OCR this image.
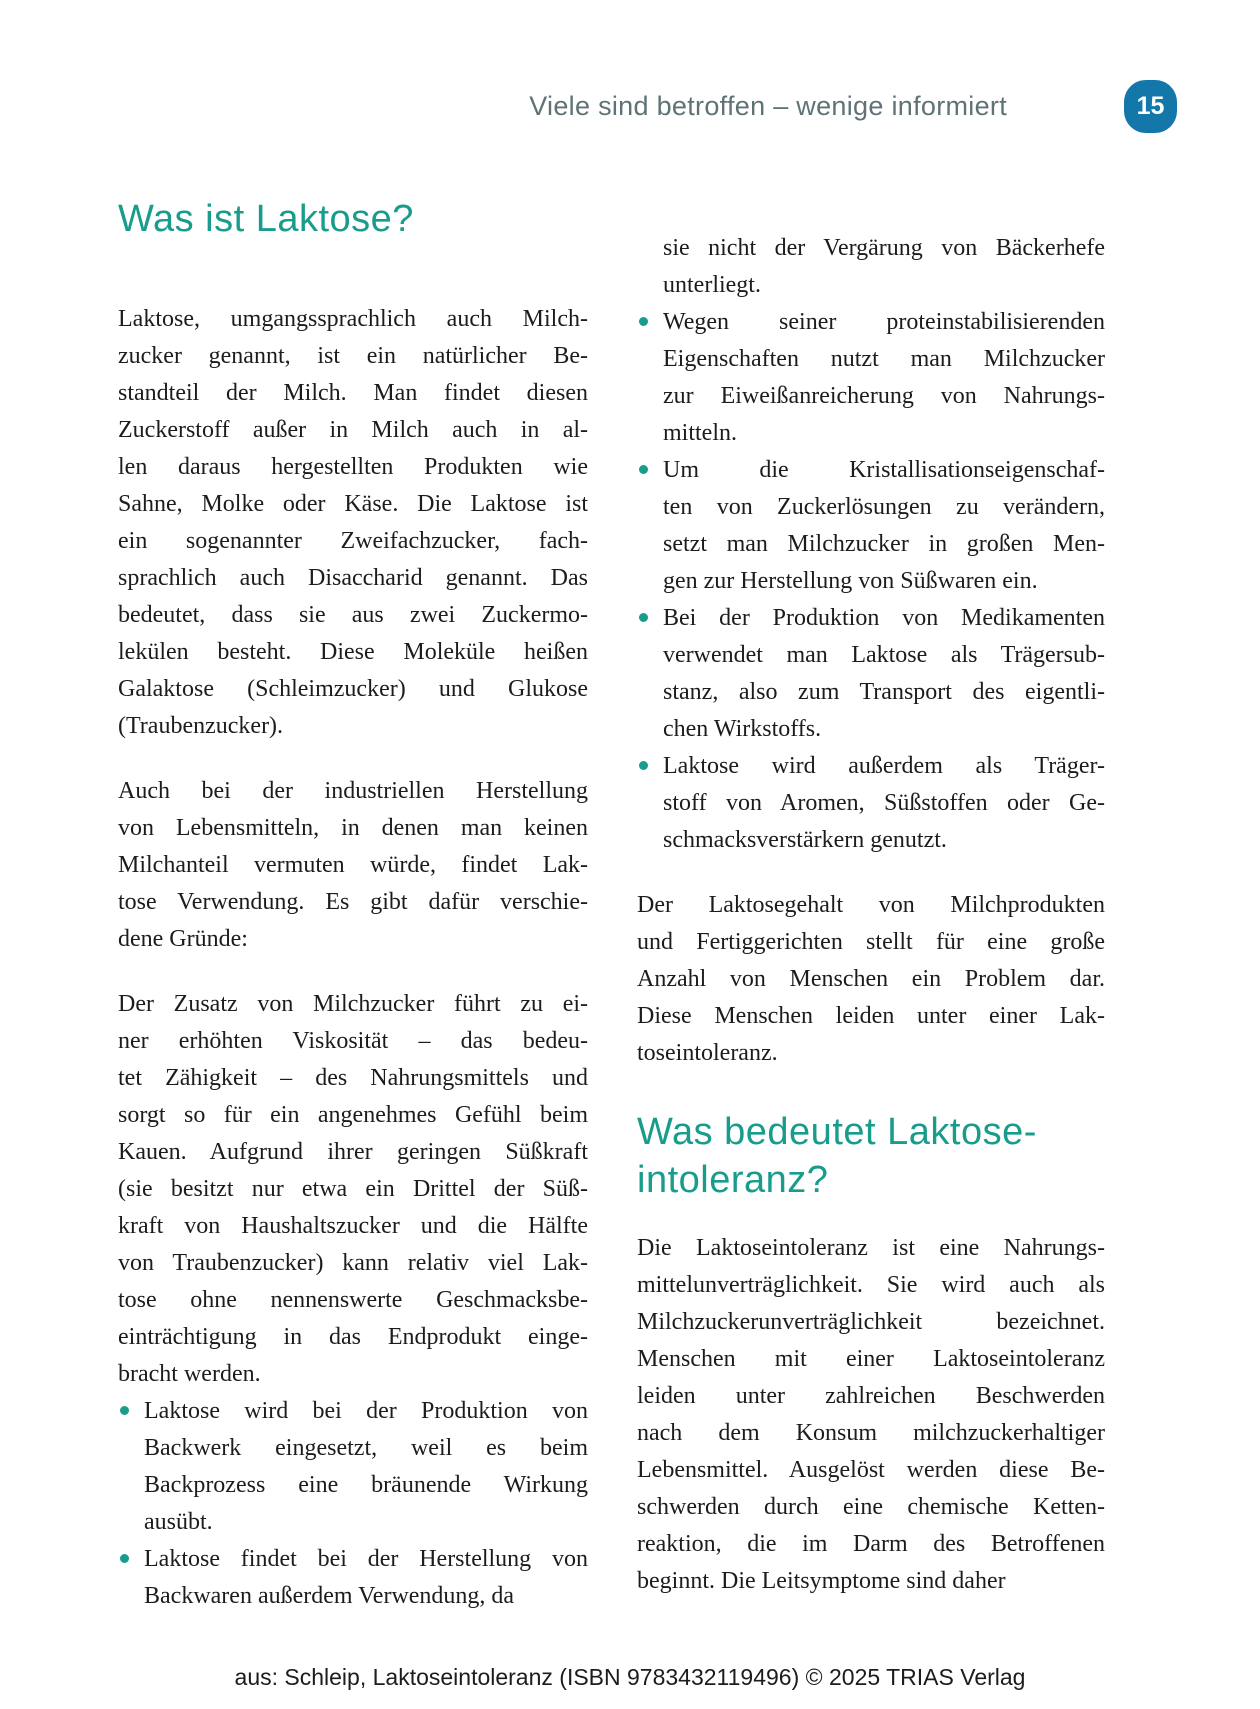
Viele sind betroffen – wenige informiert	15
Was ist Laktose?
Laktose, umgangssprachlich auch Milch-
zucker genannt, ist ein natürlicher Be-
standteil der Milch. Man findet diesen
Zuckerstoff außer in Milch auch in al-
len daraus hergestellten Produkten wie
Sahne, Molke oder Käse. Die Laktose ist
ein sogenannter Zweifachzucker, fach-
sprachlich auch Disaccharid genannt. Das
bedeutet, dass sie aus zwei Zuckermo-
lekülen besteht. Diese Moleküle heißen
Galaktose (Schleimzucker) und Glukose
(Traubenzucker).
Auch bei der industriellen Herstellung
von Lebensmitteln, in denen man keinen
Milchanteil vermuten würde, findet Lak-
tose Verwendung. Es gibt dafür verschie-
dene Gründe:
Der Zusatz von Milchzucker führt zu ei-
ner erhöhten Viskosität – das bedeu-
tet Zähigkeit – des Nahrungsmittels und
sorgt so für ein angenehmes Gefühl beim
Kauen. Aufgrund ihrer geringen Süßkraft
(sie besitzt nur etwa ein Drittel der Süß-
kraft von Haushaltszucker und die Hälfte
von Traubenzucker) kann relativ viel Lak-
tose ohne nennenswerte Geschmacksbe-
einträchtigung in das Endprodukt einge-
bracht werden.
Laktose wird bei der Produktion von
Backwerk eingesetzt, weil es beim
Backprozess eine bräunende Wirkung
ausübt.
Laktose findet bei der Herstellung von
Backwaren außerdem Verwendung, da
sie nicht der Vergärung von Bäckerhefe
unterliegt.
Wegen seiner proteinstabilisierenden
Eigenschaften nutzt man Milchzucker
zur Eiweißanreicherung von Nahrungs-
mitteln.
Um die Kristallisationseigenschaf-
ten von Zuckerlösungen zu verändern,
setzt man Milchzucker in großen Men-
gen zur Herstellung von Süßwaren ein.
Bei der Produktion von Medikamenten
verwendet man Laktose als Trägersub-
stanz, also zum Transport des eigentli-
chen Wirkstoffs.
Laktose wird außerdem als Träger-
stoff von Aromen, Süßstoffen oder Ge-
schmacksverstärkern genutzt.
Der Laktosegehalt von Milchprodukten
und Fertiggerichten stellt für eine große
Anzahl von Menschen ein Problem dar.
Diese Menschen leiden unter einer Lak-
toseintoleranz.
Was bedeutet Laktose-
intoleranz?
Die Laktoseintoleranz ist eine Nahrungs-
mittelunverträglichkeit. Sie wird auch als
Milchzuckerunverträglichkeit bezeichnet.
Menschen mit einer Laktoseintoleranz
leiden unter zahlreichen Beschwerden
nach dem Konsum milchzuckerhaltiger
Lebensmittel. Ausgelöst werden diese Be-
schwerden durch eine chemische Ketten-
reaktion, die im Darm des Betroffenen
beginnt. Die Leitsymptome sind daher
aus: Schleip, Laktoseintoleranz (ISBN 9783432119496) © 2025 TRIAS Verlag
